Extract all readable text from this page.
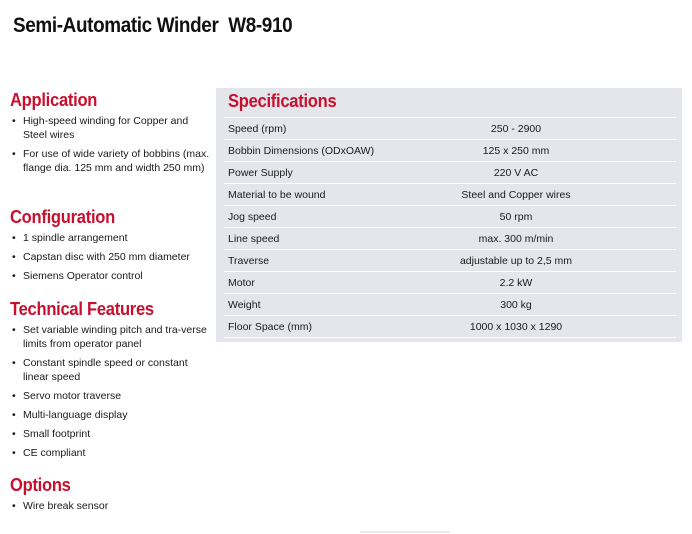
Semi-Automatic Winder  W8-910
Application
• High-speed winding for Copper and Steel wires
• For use of wide variety of bobbins (max. flange dia. 125 mm and width 250 mm)
Configuration
• 1 spindle arrangement
• Capstan disc with 250 mm diameter
• Siemens Operator control
Technical Features
• Set variable winding pitch and tra-verse limits from operator panel
• Constant spindle speed or constant linear speed
• Servo motor traverse
• Multi-language display
• Small footprint
• CE compliant
Options
• Wire break sensor
Specifications
Speed (rpm)	250 - 2900
Bobbin Dimensions (ODxOAW)	125 x 250 mm
Power Supply	220 V AC
Material to be wound	Steel and Copper wires
Jog speed	50 rpm
Line speed	max. 300 m/min
Traverse	adjustable up to 2,5 mm
Motor	2.2 kW
Weight	300 kg
Floor Space (mm)	1000 x 1030 x 1290
